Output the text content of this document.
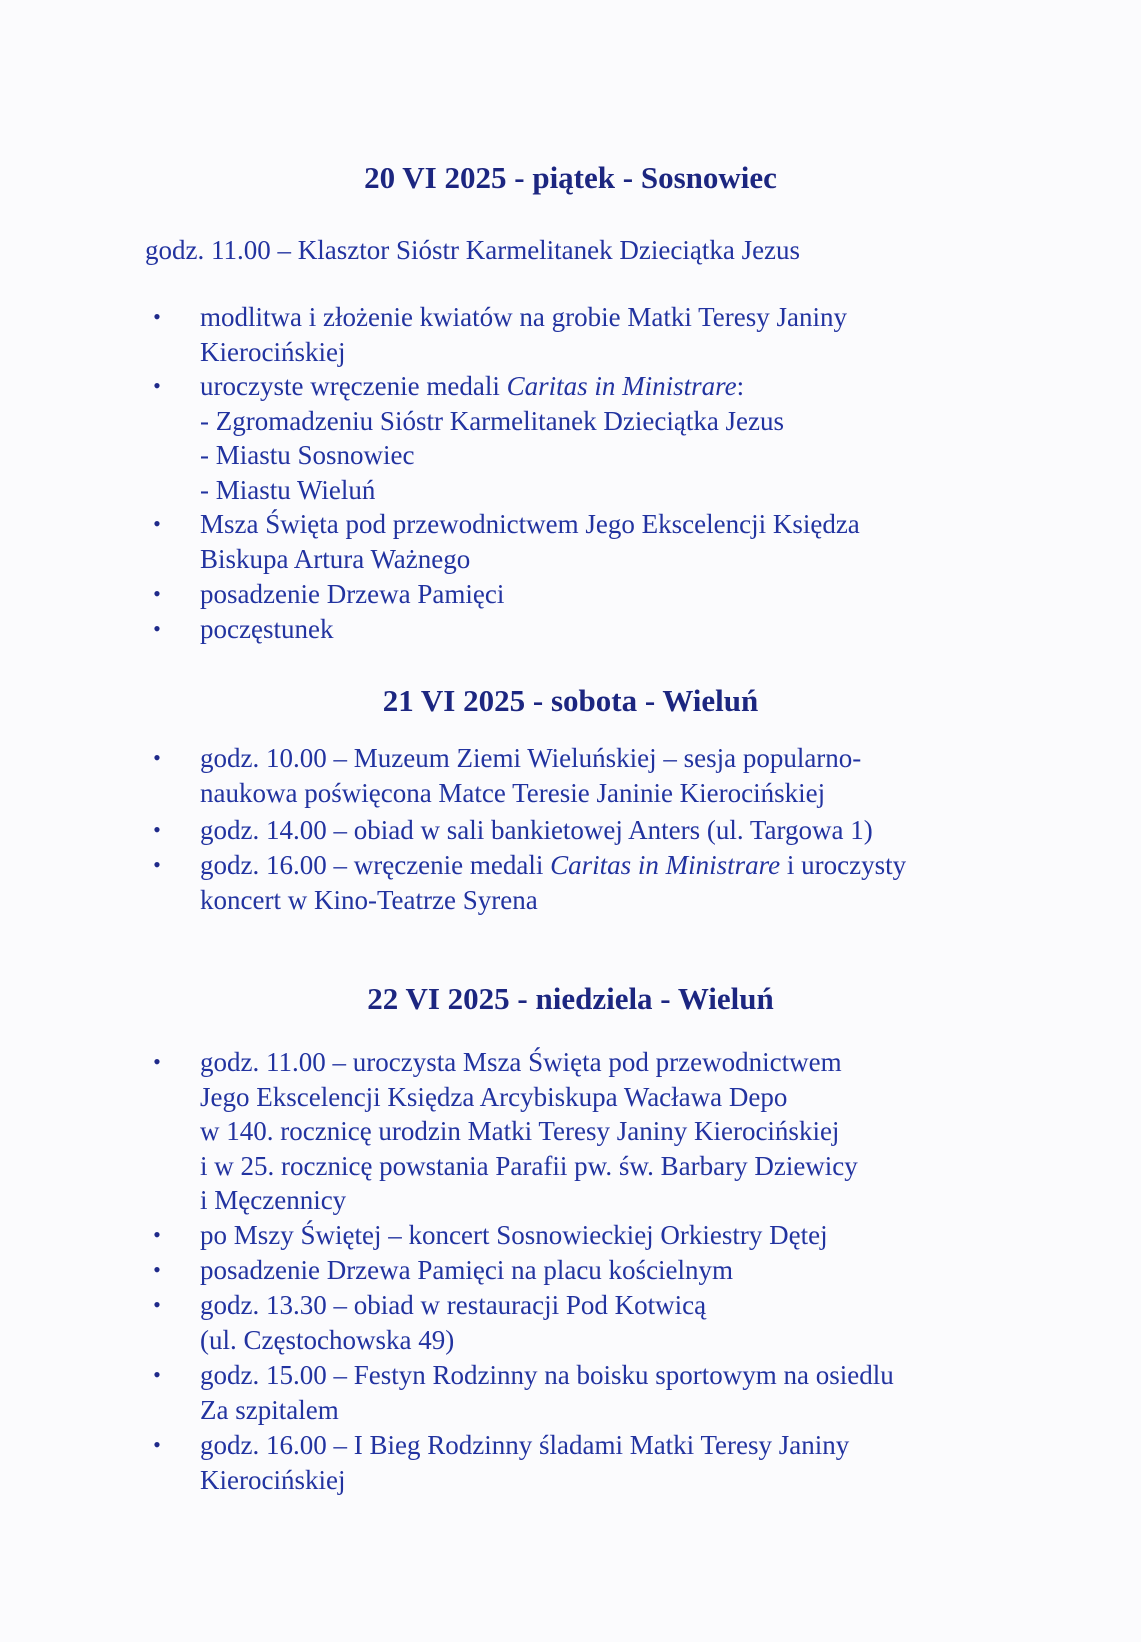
20 VI 2025 - piątek - Sosnowiec
godz. 11.00 – Klasztor Sióstr Karmelitanek Dzieciątka Jezus
• modlitwa i złożenie kwiatów na grobie Matki Teresy Janiny
Kierocińskiej
• uroczyste wręczenie medali Caritas in Ministrare:
- Zgromadzeniu Sióstr Karmelitanek Dzieciątka Jezus
- Miastu Sosnowiec
- Miastu Wieluń
• Msza Święta pod przewodnictwem Jego Ekscelencji Księdza
Biskupa Artura Ważnego
• posadzenie Drzewa Pamięci
• poczęstunek
21 VI 2025 - sobota - Wieluń
• godz. 10.00 – Muzeum Ziemi Wieluńskiej – sesja popularno-
naukowa poświęcona Matce Teresie Janinie Kierocińskiej
• godz. 14.00 – obiad w sali bankietowej Anters (ul. Targowa 1)
• godz. 16.00 – wręczenie medali Caritas in Ministrare i uroczysty
koncert w Kino-Teatrze Syrena
22 VI 2025 - niedziela - Wieluń
• godz. 11.00 – uroczysta Msza Święta pod przewodnictwem
Jego Ekscelencji Księdza Arcybiskupa Wacława Depo
w 140. rocznicę urodzin Matki Teresy Janiny Kierocińskiej
i w 25. rocznicę powstania Parafii pw. św. Barbary Dziewicy
i Męczennicy
• po Mszy Świętej – koncert Sosnowieckiej Orkiestry Dętej
• posadzenie Drzewa Pamięci na placu kościelnym
• godz. 13.30 – obiad w restauracji Pod Kotwicą
(ul. Częstochowska 49)
• godz. 15.00 – Festyn Rodzinny na boisku sportowym na osiedlu
Za szpitalem
• godz. 16.00 – I Bieg Rodzinny śladami Matki Teresy Janiny
Kierocińskiej
